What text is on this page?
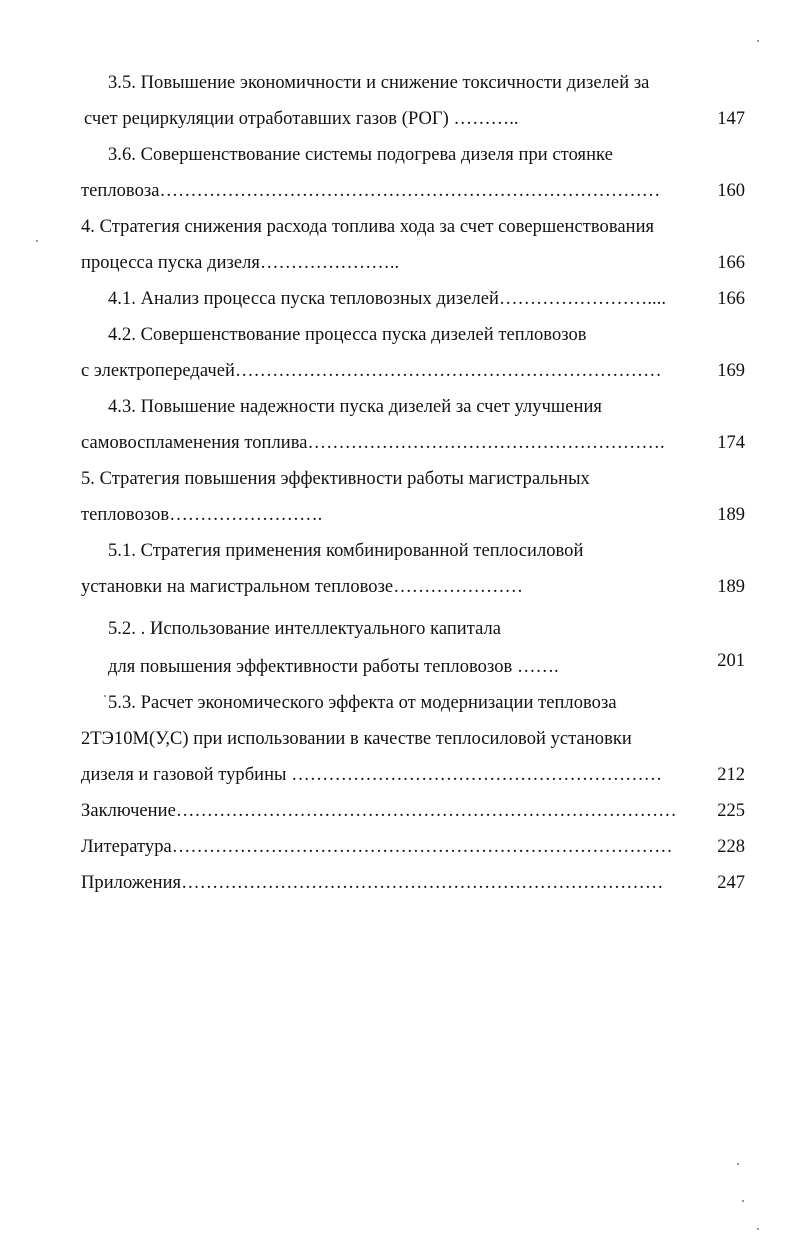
3.5. Повышение экономичности и снижение токсичности дизелей за
счет рециркуляции отработавших газов (РОГ) ………..	147
3.6. Совершенствование системы подогрева дизеля при стоянке
тепловоза………………………………………………………………………	160
4. Стратегия снижения расхода топлива хода за счет совершенствования
процесса пуска дизеля…………………..	166
4.1. Анализ процесса пуска тепловозных дизелей……………………....	166
4.2. Совершенствование процесса пуска дизелей тепловозов
с электропередачей……………………………………………………………	169
4.3. Повышение надежности пуска дизелей за счет улучшения
самовоспламенения топлива………………………………………………….	174
5. Стратегия повышения эффективности работы магистральных
тепловозов…………………….	189
5.1. Стратегия применения комбинированной теплосиловой
установки на магистральном тепловозе…………………	189
5.2. . Использование интеллектуального капитала
для повышения эффективности работы тепловозов …….	201
5.3. Расчет экономического эффекта от модернизации тепловоза
2ТЭ10М(У,С) при использовании в качестве теплосиловой установки
дизеля и газовой турбины ……………………………………………………	212
Заключение………………………………………………………………………	225
Литература………………………………………………………………………	228
Приложения……………………………………………………………………	247
